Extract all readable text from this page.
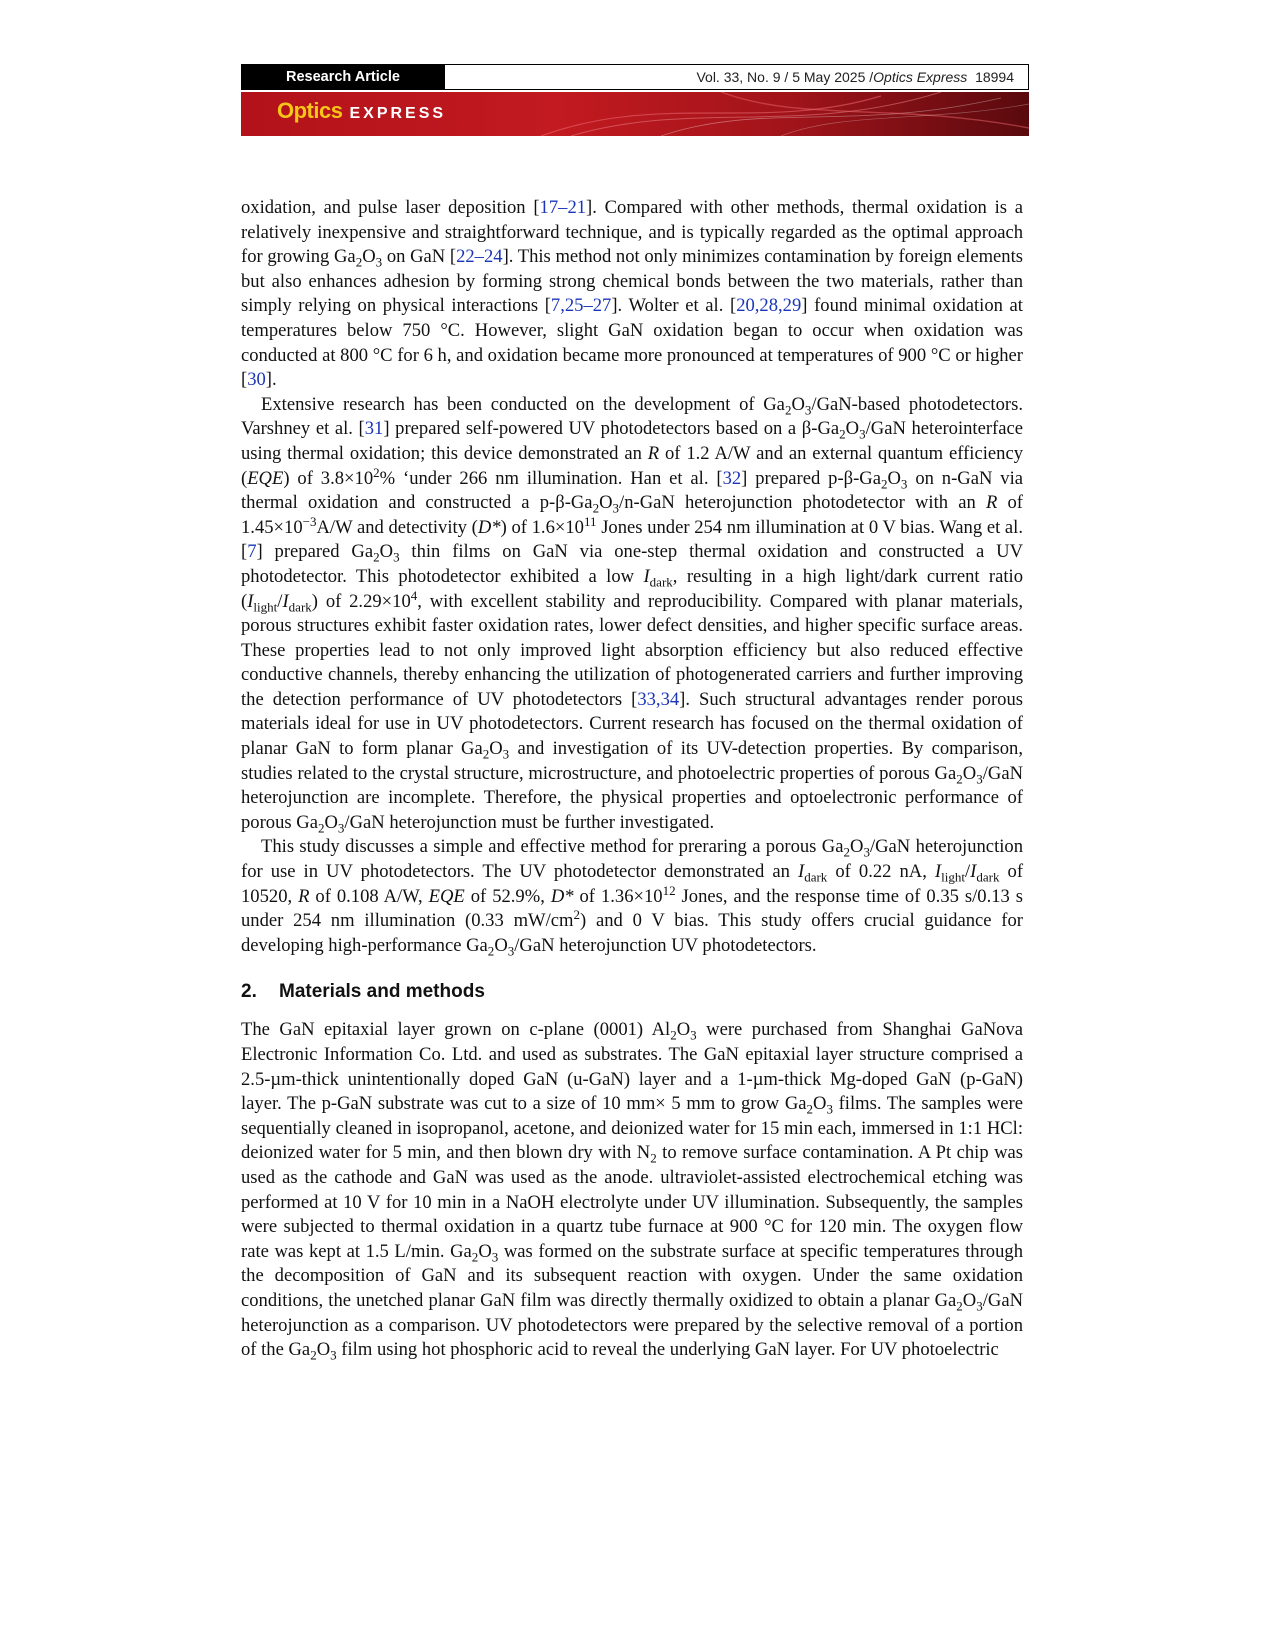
Research Article	Vol. 33, No. 9 / 5 May 2025 / Optics Express
18994
Optics EXPRESS

oxidation, and pulse laser deposition [17–21]. Compared with other methods, thermal oxidation is a relatively inexpensive and straightforward technique, and is typically regarded as the optimal approach for growing $Ga_2O_3$ on GaN [22–24]. This method not only minimizes contamination by foreign elements but also enhances adhesion by forming strong chemical bonds between the two materials, rather than simply relying on physical interactions [7,25–27]. Wolter et al. [20,28,29] found minimal oxidation at temperatures below 750 °C. However, slight GaN oxidation began to occur when oxidation was conducted at 800 °C for 6 h, and oxidation became more pronounced at temperatures of 900 °C or higher [30].

Extensive research has been conducted on the development of $Ga_2O_3/GaN$-based photodetectors. Varshney et al. [31] prepared self-powered UV photodetectors based on a $\beta-Ga_2O_3$/GaN heterointerface using thermal oxidation; this device demonstrated an R of 1.2 A/W and an external quantum efficiency (EQE) of $3.8\times 10^2\%$ ‘under 266 nm illumination. Han et al. [32] prepared $p-\beta-Ga_2O_3$ on n-GaN via thermal oxidation and constructed a $p-\beta-Ga_2O_3/n$-GaN heterojunction photodetector with an R of $1.45\times 10^{-3}A/W$ and detectivity (D*) of $1.6\times 10^{11}$ Jones under 254 nm illumination at 0 V bias. Wang et al. [7] prepared $Ga_2O_3$ thin films on GaN via one-step thermal oxidation and constructed a UV photodetector. This photodetector exhibited a low $I_{dark}$, resulting in a high light/dark current ratio $(I_{light}/I_{dark})$ of $2.29\times 10^4$, with excellent stability and reproducibility. Compared with planar materials, porous structures exhibit faster oxidation rates, lower defect densities, and higher specific surface areas. These properties lead to not only improved light absorption efficiency but also reduced effective conductive channels, thereby enhancing the utilization of photogenerated carriers and further improving the detection performance of UV photodetectors [33,34]. Such structural advantages render porous materials ideal for use in UV photodetectors. Current research has focused on the thermal oxidation of planar GaN to form planar $Ga_2O_3$ and investigation of its UV-detection properties. By comparison, studies related to the crystal structure, microstructure, and photoelectric properties of porous $Ga_2O_3$/GaN heterojunction are incomplete. Therefore, the physical properties and optoelectronic performance of porous $Ga_2O_3$/GaN heterojunction must be further investigated.

This study discusses a simple and effective method for preraring a porous $Ga_2O_3$/GaN heterojunction for use in UV photodetectors. The UV photodetector demonstrated an $I_{dark}$ of 0.22 nA, $I_{light}/I_{dark}$ of 10520, R of 0.108 A/W, EQE of 52.9%, D* of $1.36\times 10^{12}$ Jones, and the response time of 0.35 s/0.13 s under 254 nm illumination (0.33 $mW/cm^2$) and 0 V bias. This study offers crucial guidance for developing high-performance $Ga_2O_3$/GaN heterojunction UV photodetectors.

2. Materials and methods

The GaN epitaxial layer grown on c-plane (0001) $Al_2O_3$ were purchased from Shanghai GaNova Electronic Information Co. Ltd. and used as substrates. The GaN epitaxial layer structure comprised a 2.5-µm-thick unintentionally doped GaN (u-GaN) layer and a 1-µm-thick Mg-doped GaN (p-GaN) layer. The p-GaN substrate was cut to a size of 10 mm× 5 mm to grow $Ga_2O_3$ films. The samples were sequentially cleaned in isopropanol, acetone, and deionized water for 15 min each, immersed in 1:1 HCl: deionized water for 5 min, and then blown dry with $N_2$ to remove surface contamination. A Pt chip was used as the cathode and GaN was used as the anode. ultraviolet-assisted electrochemical etching was performed at 10 V for 10 min in a NaOH electrolyte under UV illumination. Subsequently, the samples were subjected to thermal oxidation in a quartz tube furnace at 900 °C for 120 min. The oxygen flow rate was kept at 1.5 L/min. $Ga_2O_3$ was formed on the substrate surface at specific temperatures through the decomposition of GaN and its subsequent reaction with oxygen. Under the same oxidation conditions, the unetched planar GaN film was directly thermally oxidized to obtain a planar $Ga_2O_3$/GaN heterojunction as a comparison. UV photodetectors were prepared by the selective removal of a portion of the $Ga_2O_3$ film using hot phosphoric acid to reveal the underlying GaN layer. For UV photoelectric
